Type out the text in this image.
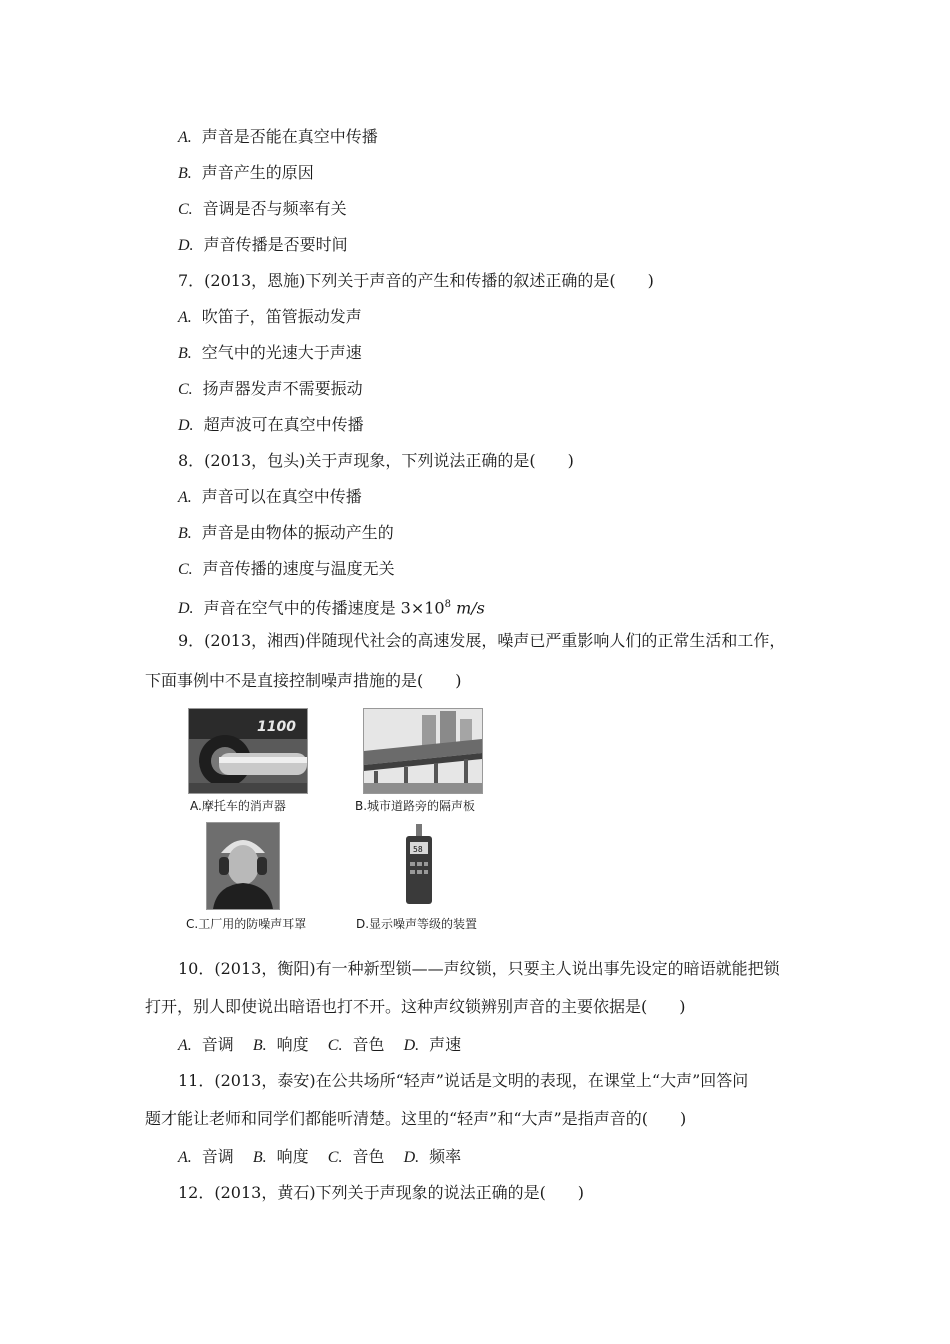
A. 声音是否能在真空中传播
B. 声音产生的原因
C. 音调是否与频率有关
D. 声音传播是否要时间
7．(2013，恩施)下列关于声音的产生和传播的叙述正确的是(　　)
A. 吹笛子，笛管振动发声
B. 空气中的光速大于声速
C. 扬声器发声不需要振动
D. 超声波可在真空中传播
8．(2013，包头)关于声现象，下列说法正确的是(　　)
A. 声音可以在真空中传播
B. 声音是由物体的振动产生的
C. 声音传播的速度与温度无关
D. 声音在空气中的传播速度是 $3\times 10^8$ m/s
9．(2013，湘西)伴随现代社会的高速发展，噪声已严重影响人们的正常生活和工作，
下面事例中不是直接控制噪声措施的是(　　)
1100
A.摩托车的消声器	B.城市道路旁的隔声板
C.工厂用的防噪声耳罩
58
D.显示噪声等级的装置
10．(2013，衡阳)有一种新型锁——声纹锁，只要主人说出事先设定的暗语就能把锁
打开，别人即使说出暗语也打不开。这种声纹锁辨别声音的主要依据是(　　)
A. 音调 B. 响度 C. 音色 D. 声速
11．(2013，泰安)在公共场所“轻声”说话是文明的表现，在课堂上“大声”回答问
题才能让老师和同学们都能听清楚。这里的“轻声”和“大声”是指声音的(　　)
A. 音调 B. 响度 C. 音色 D. 频率
12．(2013，黄石)下列关于声现象的说法正确的是(　　)
